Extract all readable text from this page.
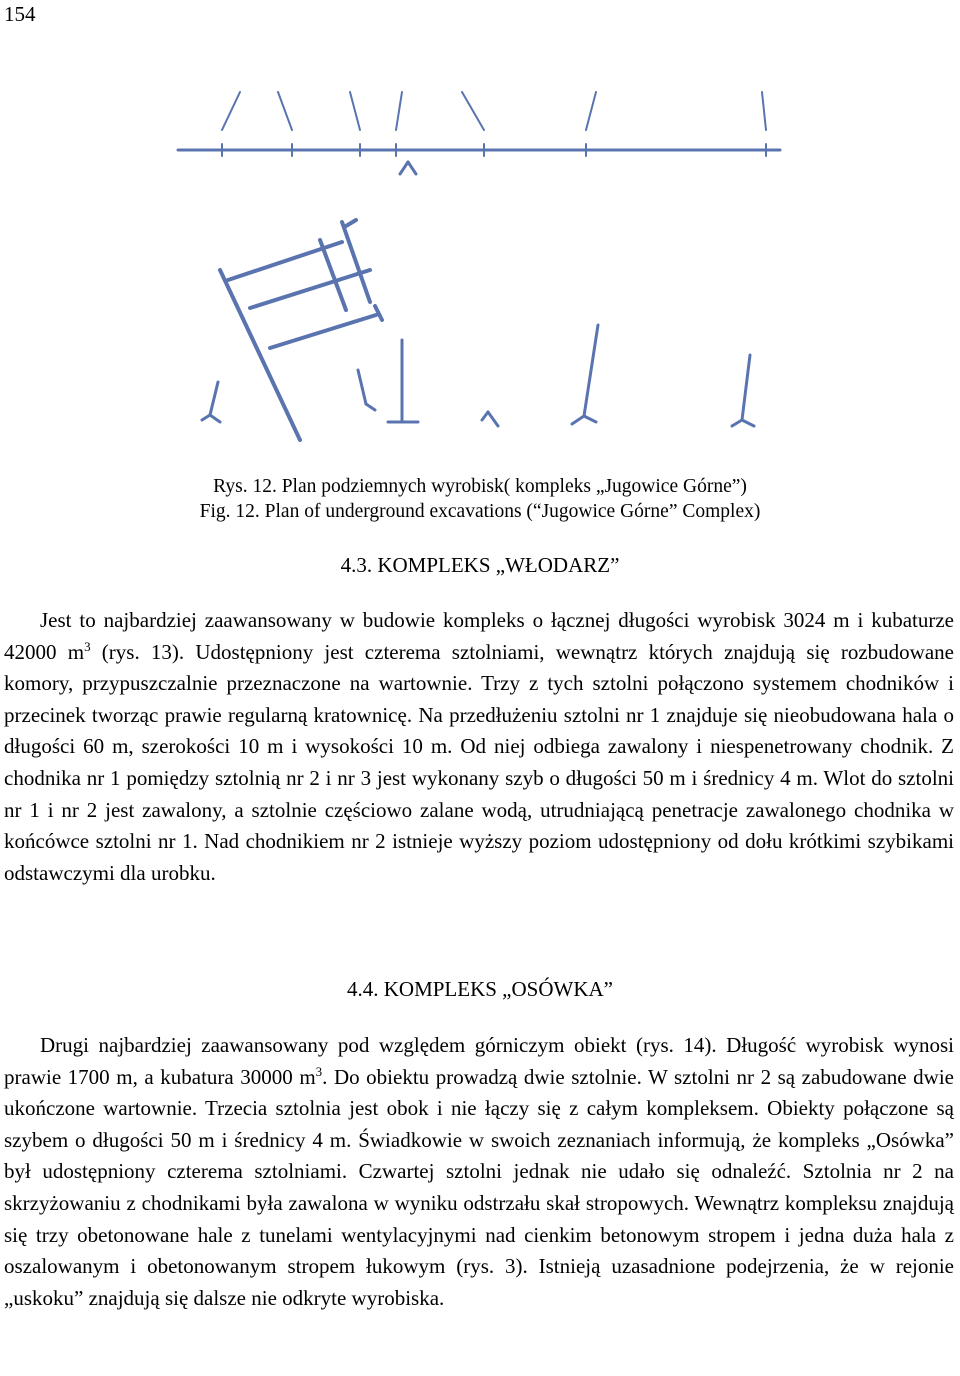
154
Rys. 12. Plan podziemnych wyrobisk( kompleks „Jugowice Górne”)
Fig. 12. Plan of underground excavations (“Jugowice Górne” Complex)
4.3. KOMPLEKS „WŁODARZ”

Jest to najbardziej zaawansowany w budowie kompleks o łącznej długości wyrobisk 3024 m i kubaturze 42000 $m^3$ (rys. 13). Udostępniony jest czterema sztolniami, wewnątrz których znajdują się rozbudowane komory, przypuszczalnie przeznaczone na wartownie. Trzy z tych sztolni połączono systemem chodników i przecinek tworząc prawie regularną kratownicę. Na przedłużeniu sztolni nr 1 znajduje się nieobudowana hala o długości 60 m, szerokości 10 m i wysokości 10 m. Od niej odbiega zawalony i niespenetrowany chodnik. Z chodnika nr 1 pomiędzy sztolnią nr 2 i nr 3 jest wykonany szyb o długości 50 m i średnicy 4 m. Wlot do sztolni nr 1 i nr 2 jest zawalony, a sztolnie częściowo zalane wodą, utrudniającą penetracje zawalonego chodnika w końcówce sztolni nr 1. Nad chodnikiem nr 2 istnieje wyższy poziom udostępniony od dołu krótkimi szybikami odstawczymi dla urobku.

4.4. KOMPLEKS „OSÓWKA”

Drugi najbardziej zaawansowany pod względem górniczym obiekt (rys. 14). Długość wyrobisk wynosi prawie 1700 m, a kubatura 30000 $m^3$. Do obiektu prowadzą dwie sztolnie. W sztolni nr 2 są zabudowane dwie ukończone wartownie. Trzecia sztolnia jest obok i nie łączy się z całym kompleksem. Obiekty połączone są szybem o długości 50 m i średnicy 4 m. Świadkowie w swoich zeznaniach informują, że kompleks „Osówka” był udostępniony czterema sztolniami. Czwartej sztolni jednak nie udało się odnaleźć. Sztolnia nr 2 na skrzyżowaniu z chodnikami była zawalona w wyniku odstrzału skał stropowych. Wewnątrz kompleksu znajdują się trzy obetonowane hale z tunelami wentylacyjnymi nad cienkim betonowym stropem i jedna duża hala z oszalowanym i obetonowanym stropem łukowym (rys. 3). Istnieją uzasadnione podejrzenia, że w rejonie „uskoku” znajdują się dalsze nie odkryte wyrobiska.
